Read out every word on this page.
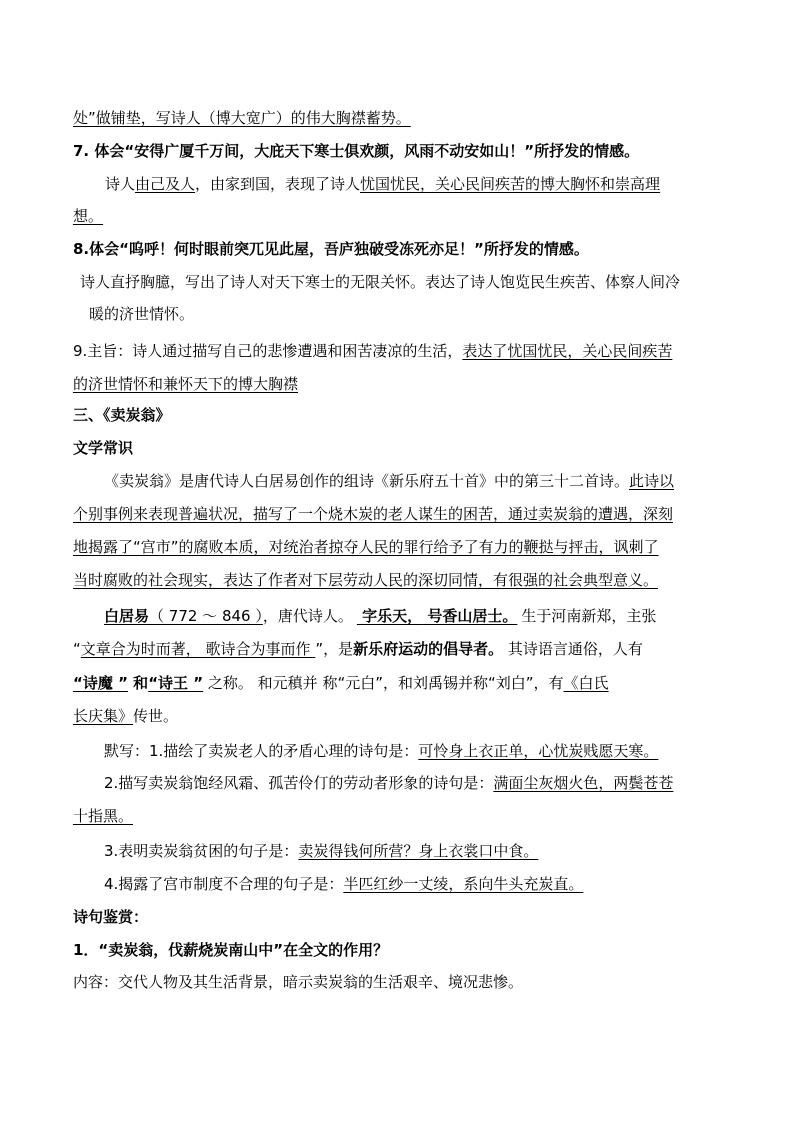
处”做铺垫，写诗人（博大宽广）的伟大胸襟蓄势。
7. 体会“安得广厦千万间，大庇天下寒士俱欢颜，风雨不动安如山！”所抒发的情感。
诗人由己及人，由家到国，表现了诗人忧国忧民，关心民间疾苦的博大胸怀和崇高理
想。
8.体会“呜呼！何时眼前突兀见此屋，吾庐独破受冻死亦足！”所抒发的情感。
诗人直抒胸臆，写出了诗人对天下寒士的无限关怀。表达了诗人饱览民生疾苦、体察人间冷
暖的济世情怀。
9.主旨：诗人通过描写自己的悲惨遭遇和困苦凄凉的生活，表达了忧国忧民，关心民间疾苦
的济世情怀和兼怀天下的博大胸襟
三、《卖炭翁》
文学常识
《卖炭翁》是唐代诗人白居易创作的组诗《新乐府五十首》中的第三十二首诗。此诗以
个别事例来表现普遍状况，描写了一个烧木炭的老人谋生的困苦，通过卖炭翁的遭遇，深刻
地揭露了“宫市”的腐败本质，对统治者掠夺人民的罪行给予了有力的鞭挞与抨击，讽刺了
当时腐败的社会现实，表达了作者对下层劳动人民的深切同情，有很强的社会典型意义。
白居易（ 772 ～ 846 ），唐代诗人。 字乐天， 号香山居士。 生于河南新郑，主张
“文章合为时而著， 歌诗合为事而作 ”，是新乐府运动的倡导者。 其诗语言通俗，人有
“诗魔 ” 和“诗王 ” 之称。 和元稹并 称“元白”，和刘禹锡并称“刘白”，有《白氏
长庆集》传世。
默写：1.描绘了卖炭老人的矛盾心理的诗句是：可怜身上衣正单，心忧炭贱愿天寒。
2.描写卖炭翁饱经风霜、孤苦伶仃的劳动者形象的诗句是：满面尘灰烟火色，两鬓苍苍
十指黑。
3.表明卖炭翁贫困的句子是：卖炭得钱何所营？身上衣裳口中食。
4.揭露了宫市制度不合理的句子是：半匹红纱一丈绫，系向牛头充炭直。
诗句鉴赏：
1．“卖炭翁，伐薪烧炭南山中”在全文的作用？
内容：交代人物及其生活背景，暗示卖炭翁的生活艰辛、境况悲惨。
